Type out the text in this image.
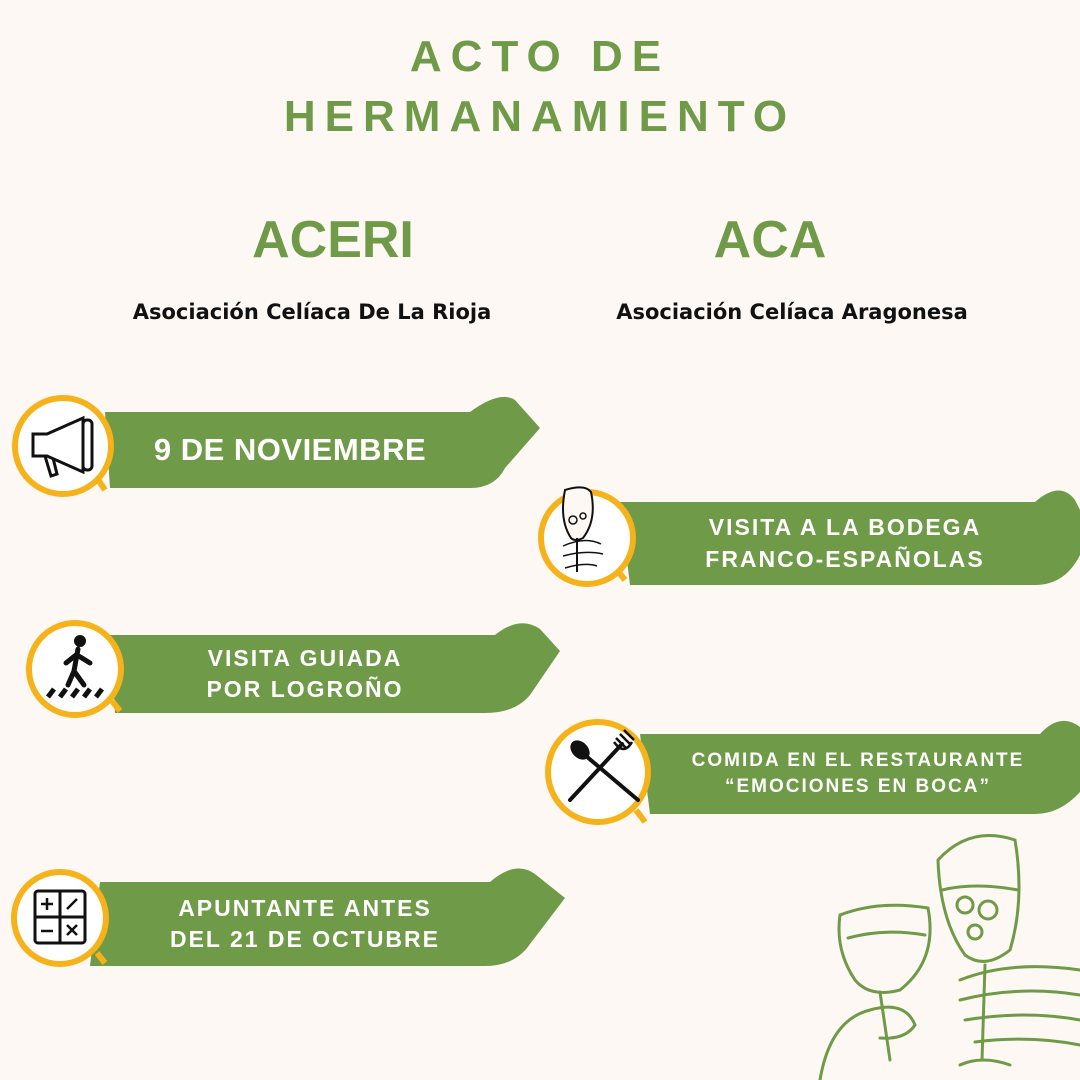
ACTO DE
HERMANAMIENTO
ACERI
Asociación Celíaca De La Rioja
ACA
Asociación Celíaca Aragonesa
9 DE NOVIEMBRE
VISITA A LA BODEGA
FRANCO-ESPAÑOLAS
VISITA GUIADA
POR LOGROÑO
COMIDA EN EL RESTAURANTE
“EMOCIONES EN BOCA”
APUNTANTE ANTES
DEL 21 DE OCTUBRE
